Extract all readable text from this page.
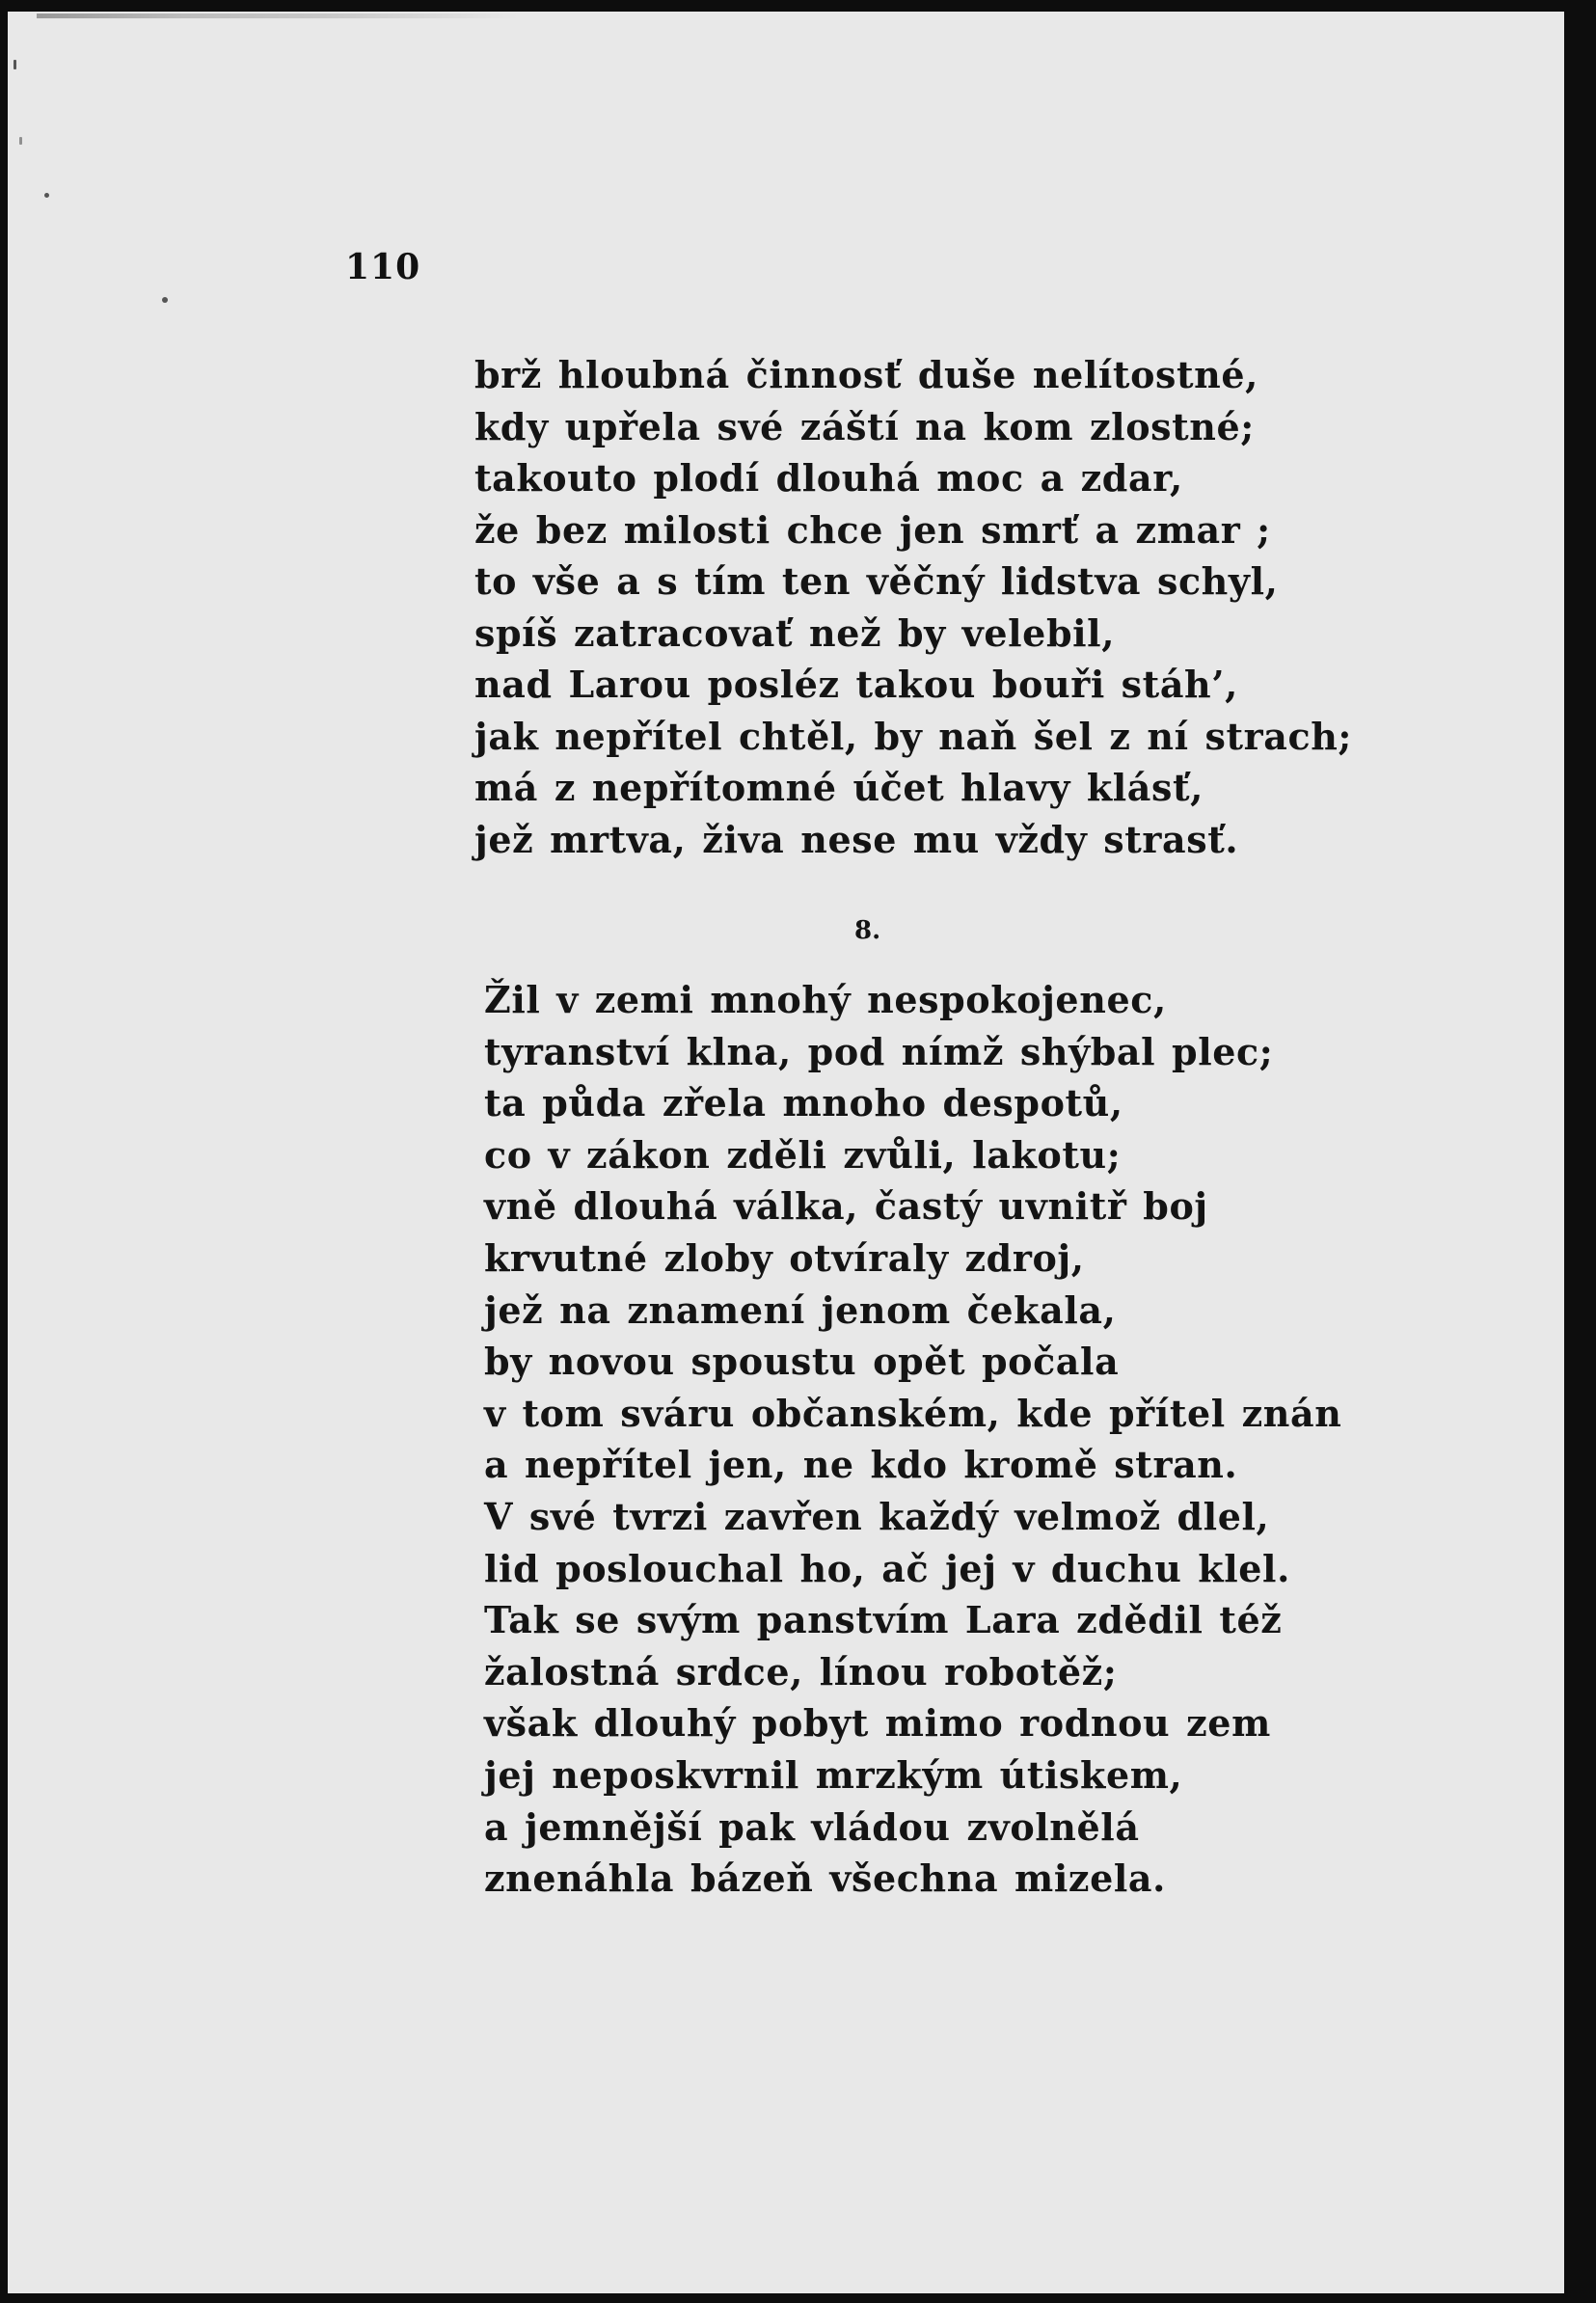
110
brž hloubná činnosť duše nelítostné,
kdy upřela své záští na kom zlostné;
takouto plodí dlouhá moc a zdar,
že bez milosti chce jen smrť a zmar ;
to vše a s tím ten věčný lidstva schyl,
spíš zatracovať než by velebil,
nad Larou posléz takou bouři stáh’,
jak nepřítel chtěl, by naň šel z ní strach;
má z nepřítomné účet hlavy klásť,
jež mrtva, živa nese mu vždy strasť.
8.
Žil v zemi mnohý nespokojenec,
tyranství klna, pod nímž shýbal plec;
ta půda zřela mnoho despotů,
co v zákon zděli zvůli, lakotu;
vně dlouhá válka, častý uvnitř boj
krvutné zloby otvíraly zdroj,
jež na znamení jenom čekala,
by novou spoustu opět počala
v tom sváru občanském, kde přítel znán
a nepřítel jen, ne kdo kromě stran.
V své tvrzi zavřen každý velmož dlel,
lid poslouchal ho, ač jej v duchu klel.
Tak se svým panstvím Lara zdědil též
žalostná srdce, línou robotěž;
však dlouhý pobyt mimo rodnou zem
jej neposkvrnil mrzkým útiskem,
a jemnější pak vládou zvolnělá
znenáhla bázeň všechna mizela.
